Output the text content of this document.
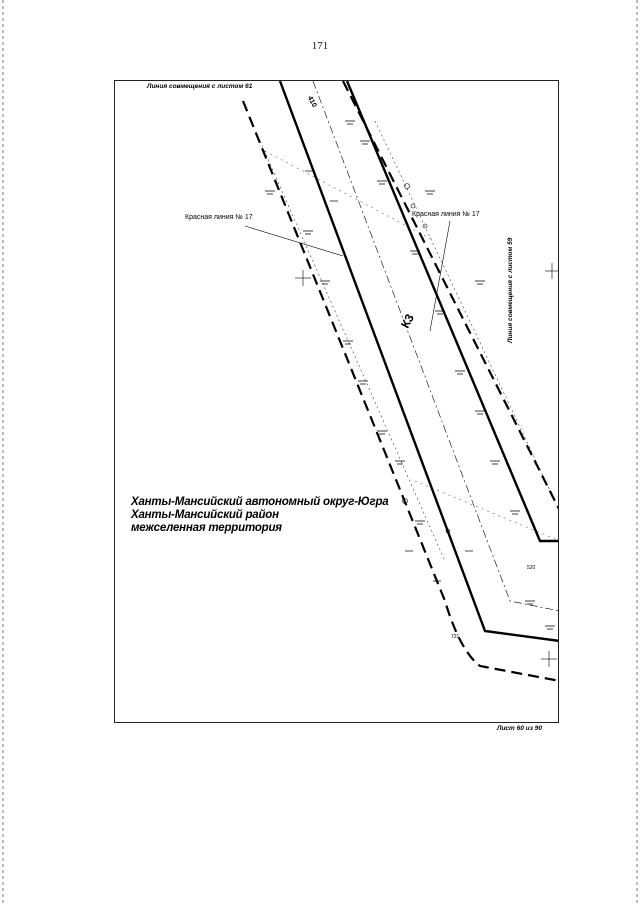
171
Линия совмещения с листом 61
Линия совмещения с листом 59
Красная линия № 17	Красная линия № 17
К3
410
Ханты-Мансийский автономный округ-Югра
Ханты-Мансийский район
межселенная территория
520
721
Лист 60 из 90
